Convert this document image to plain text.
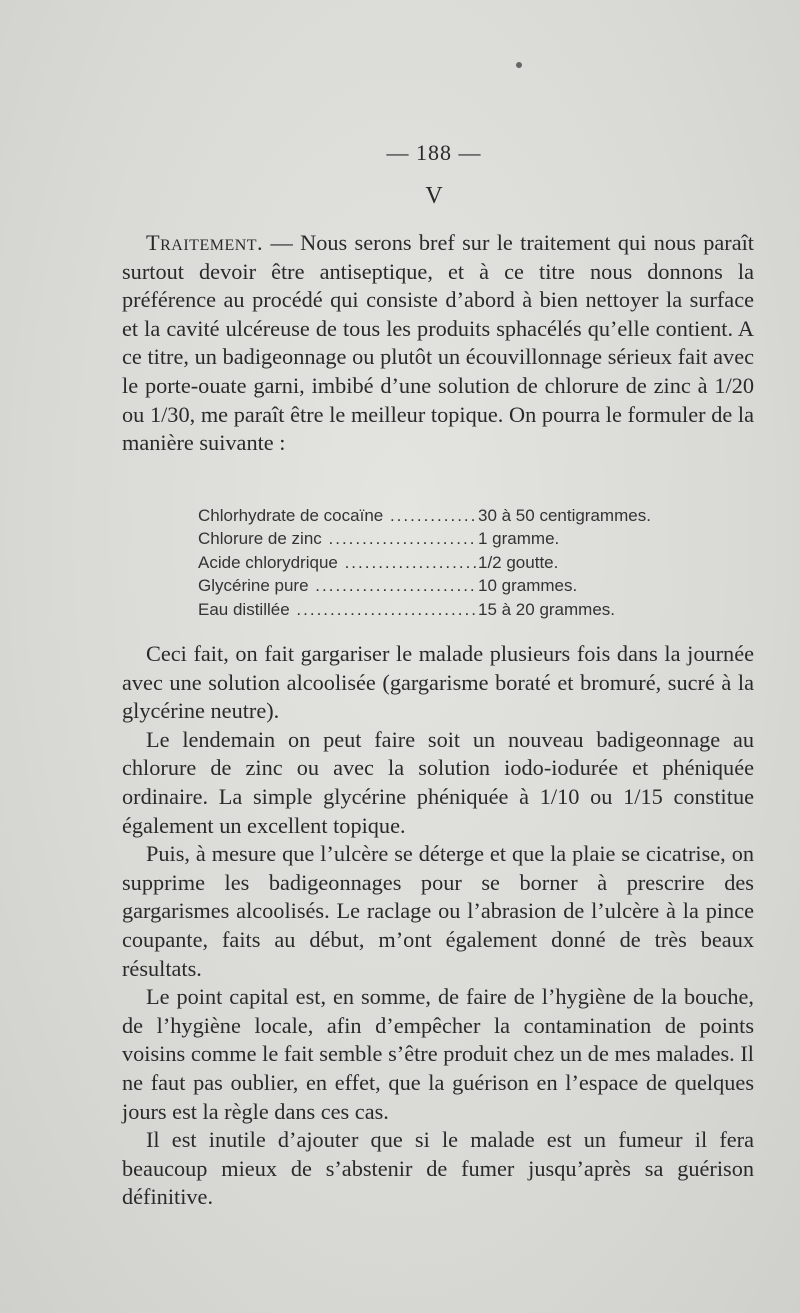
— 188 —
V

Traitement. — Nous serons bref sur le traitement qui nous paraît surtout devoir être antiseptique, et à ce titre nous donnons la préférence au procédé qui consiste d’abord à bien nettoyer la surface et la cavité ulcéreuse de tous les produits sphacélés qu’elle contient. A ce titre, un badigeonnage ou plutôt un écouvillonnage sérieux fait avec le porte-ouate garni, imbibé d’une solution de chlorure de zinc à 1/20 ou 1/30, me paraît être le meilleur topique. On pourra le formuler de la manière suivante :

Chlorhydrate de cocaïne .....	30 à 50 centigrammes.
Chlorure de zinc .....	1 gramme.
Acide chlorydrique .....	1/2 goutte.
Glycérine pure .....	10 grammes.
Eau distillée .....	15 à 20 grammes.

Ceci fait, on fait gargariser le malade plusieurs fois dans la journée avec une solution alcoolisée (gargarisme boraté et bromuré, sucré à la glycérine neutre).

Le lendemain on peut faire soit un nouveau badigeonnage au chlorure de zinc ou avec la solution iodo-iodurée et phéniquée ordinaire. La simple glycérine phéniquée à 1/10 ou 1/15 constitue également un excellent topique.

Puis, à mesure que l’ulcère se déterge et que la plaie se cicatrise, on supprime les badigeonnages pour se borner à prescrire des gargarismes alcoolisés. Le raclage ou l’abrasion de l’ulcère à la pince coupante, faits au début, m’ont également donné de très beaux résultats.

Le point capital est, en somme, de faire de l’hygiène de la bouche, de l’hygiène locale, afin d’empêcher la contamination de points voisins comme le fait semble s’être produit chez un de mes malades. Il ne faut pas oublier, en effet, que la guérison en l’espace de quelques jours est la règle dans ces cas.

Il est inutile d’ajouter que si le malade est un fumeur il fera beaucoup mieux de s’abstenir de fumer jusqu’après sa guérison définitive.
